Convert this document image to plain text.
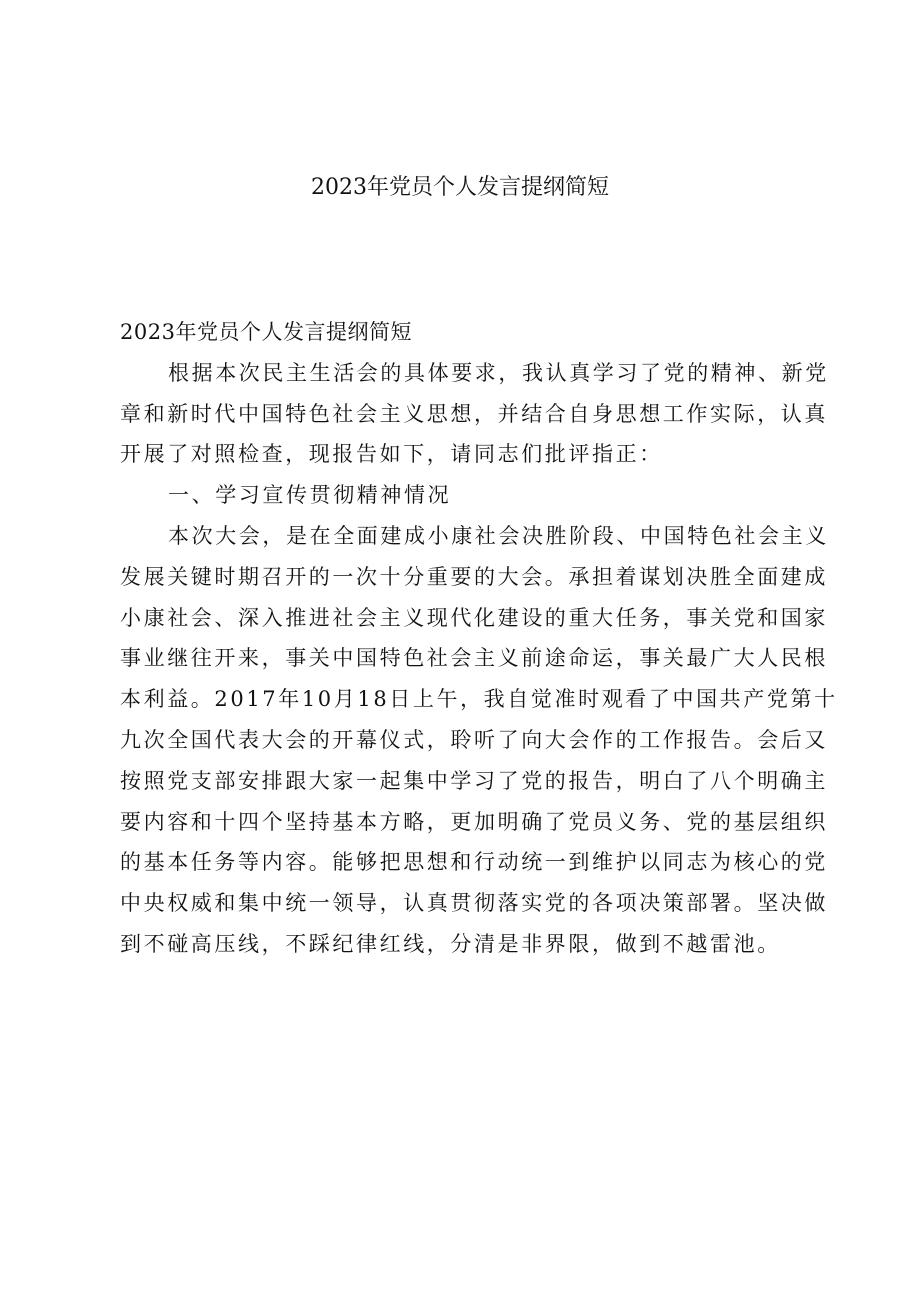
2023年党员个人发言提纲简短

2023年党员个人发言提纲简短

根据本次民主生活会的具体要求，我认真学习了党的精神、新党

章和新时代中国特色社会主义思想，并结合自身思想工作实际，认真

开展了对照检查，现报告如下，请同志们批评指正：

一、学习宣传贯彻精神情况

本次大会，是在全面建成小康社会决胜阶段、中国特色社会主义

发展关键时期召开的一次十分重要的大会。承担着谋划决胜全面建成

小康社会、深入推进社会主义现代化建设的重大任务，事关党和国家

事业继往开来，事关中国特色社会主义前途命运，事关最广大人民根

本利益。2017年10月18日上午，我自觉准时观看了中国共产党第十

九次全国代表大会的开幕仪式，聆听了向大会作的工作报告。会后又

按照党支部安排跟大家一起集中学习了党的报告，明白了八个明确主

要内容和十四个坚持基本方略，更加明确了党员义务、党的基层组织

的基本任务等内容。能够把思想和行动统一到维护以同志为核心的党

中央权威和集中统一领导，认真贯彻落实党的各项决策部署。坚决做

到不碰高压线，不踩纪律红线，分清是非界限，做到不越雷池。
